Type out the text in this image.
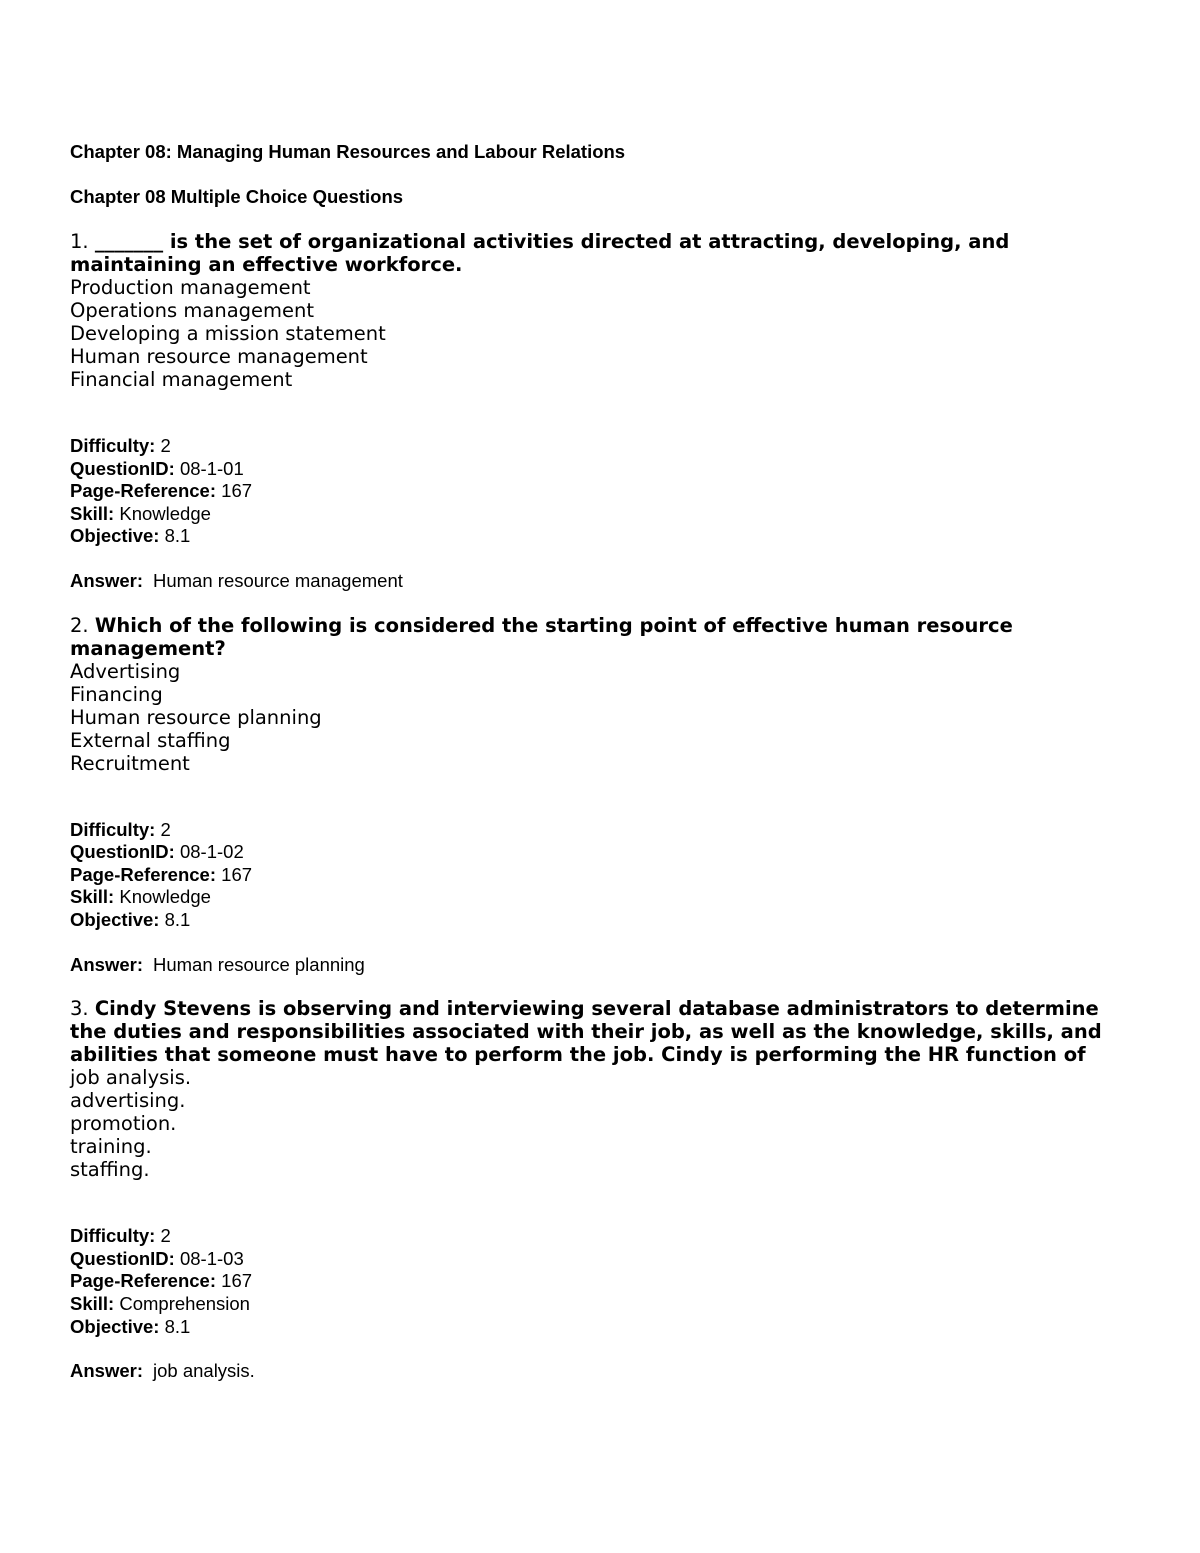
Chapter 08: Managing Human Resources and Labour Relations
Chapter 08 Multiple Choice Questions

1. _______ is the set of organizational activities directed at attracting, developing, and maintaining an effective workforce.

Production management
Operations management
Developing a mission statement
Human resource management
Financial management
Difficulty: 2
QuestionID: 08-1-01
Page-Reference: 167
Skill: Knowledge
Objective: 8.1
Answer: Human resource management

2. Which of the following is considered the starting point of effective human resource management?

Advertising
Financing
Human resource planning
External staffing
Recruitment
Difficulty: 2
QuestionID: 08-1-02
Page-Reference: 167
Skill: Knowledge
Objective: 8.1
Answer: Human resource planning

3. Cindy Stevens is observing and interviewing several database administrators to determine the duties and responsibilities associated with their job, as well as the knowledge, skills, and abilities that someone must have to perform the job. Cindy is performing the HR function of

job analysis.
advertising.
promotion.
training.
staffing.
Difficulty: 2
QuestionID: 08-1-03
Page-Reference: 167
Skill: Comprehension
Objective: 8.1
Answer: job analysis.
